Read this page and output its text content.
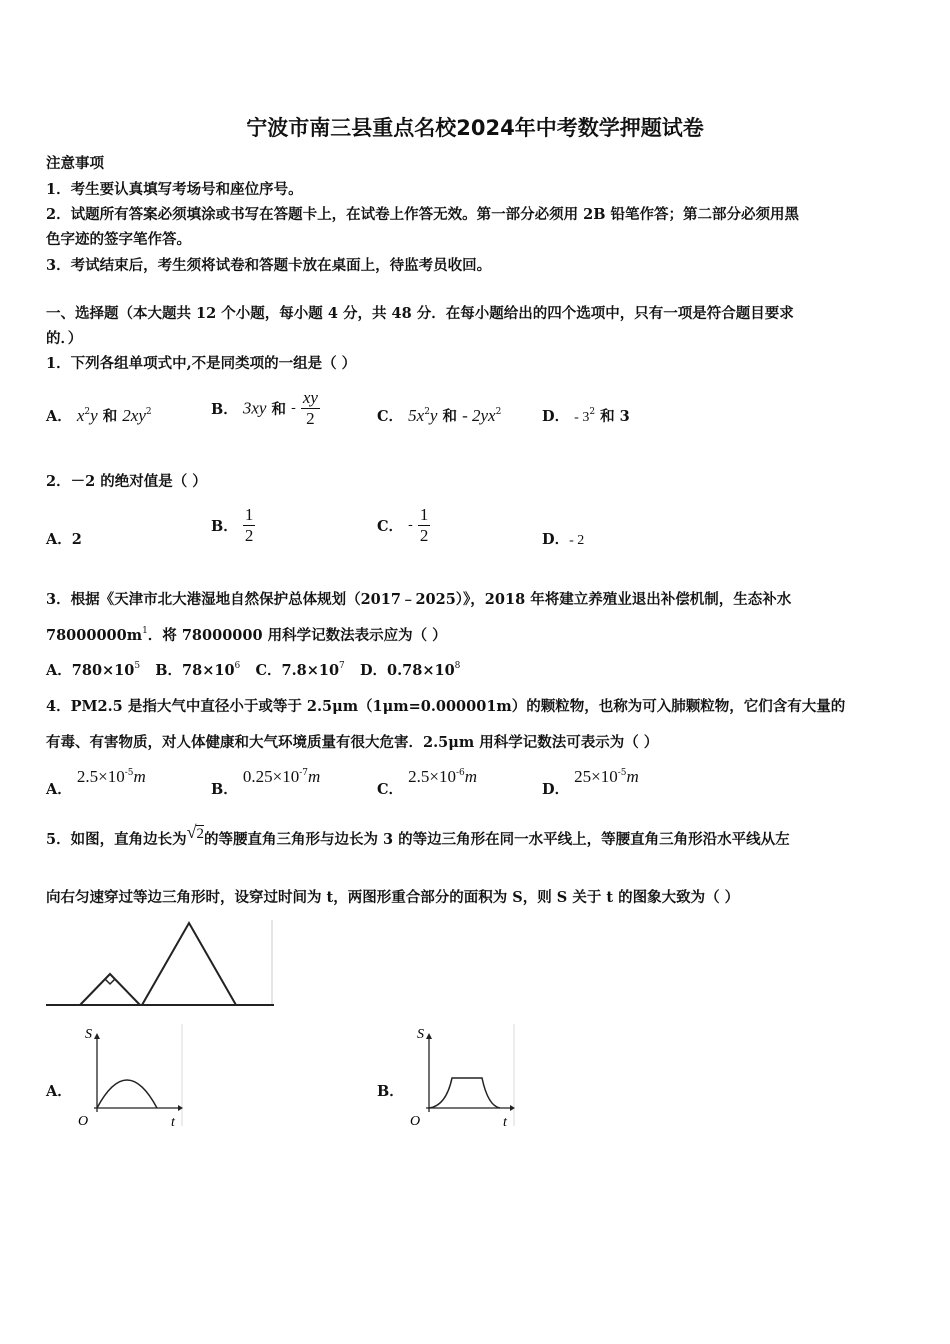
宁波市南三县重点名校2024年中考数学押题试卷
注意事项
1．考生要认真填写考场号和座位序号。
2．试题所有答案必须填涂或书写在答题卡上，在试卷上作答无效。第一部分必须用 2B 铅笔作答；第二部分必须用黑
色字迹的签字笔作答。
3．考试结束后，考生须将试卷和答题卡放在桌面上，待监考员收回。
一、选择题（本大题共 12 个小题，每小题 4 分，共 48 分．在每小题给出的四个选项中，只有一项是符合题目要求
的．）
1．下列各组单项式中,不是同类项的一组是（ ）
A． $x^2y$ 和 $2xy^2$	B． 3xy 和 - $\frac{xy}{2}$	C． $5x^2y$ 和 - $2yx^2$	D． - $3^2$ 和 3
2．－2 的绝对值是（ ）
A．2
B． $\frac{1}{2}$	C． - $\frac{1}{2}$	D．- 2
3．根据《天津市北大港湿地自然保护总体规划（2017﹣2025）》，2018 年将建立养殖业退出补偿机制，生态补水
$78000000m^1$．将 78000000 用科学记数法表示应为（ ）
A．$780\times 10^5$ B．$78\times 10^6$ C．$7.8\times 10^7$ D．$0.78\times 10^8$
4．PM2.5 是指大气中直径小于或等于 2.5μm（1μm=0.000001m）的颗粒物，也称为可入肺颗粒物，它们含有大量的
有毒、有害物质，对人体健康和大气环境质量有很大危害．2.5μm 用科学记数法可表示为（ ）
A． $2.5\times 10^{-5}m$
B． $0.25\times 10^{-7}m$
C． $2.5\times 10^{-6}m$
D． $25\times 10^{-5}m$
5．如图，直角边长为√2的等腰直角三角形与边长为 3 的等边三角形在同一水平线上，等腰直角三角形沿水平线从左
向右匀速穿过等边三角形时，设穿过时间为 t，两图形重合部分的面积为 S，则 S 关于 t 的图象大致为（ ）
A．
S
O	t
B．
S
O	t
